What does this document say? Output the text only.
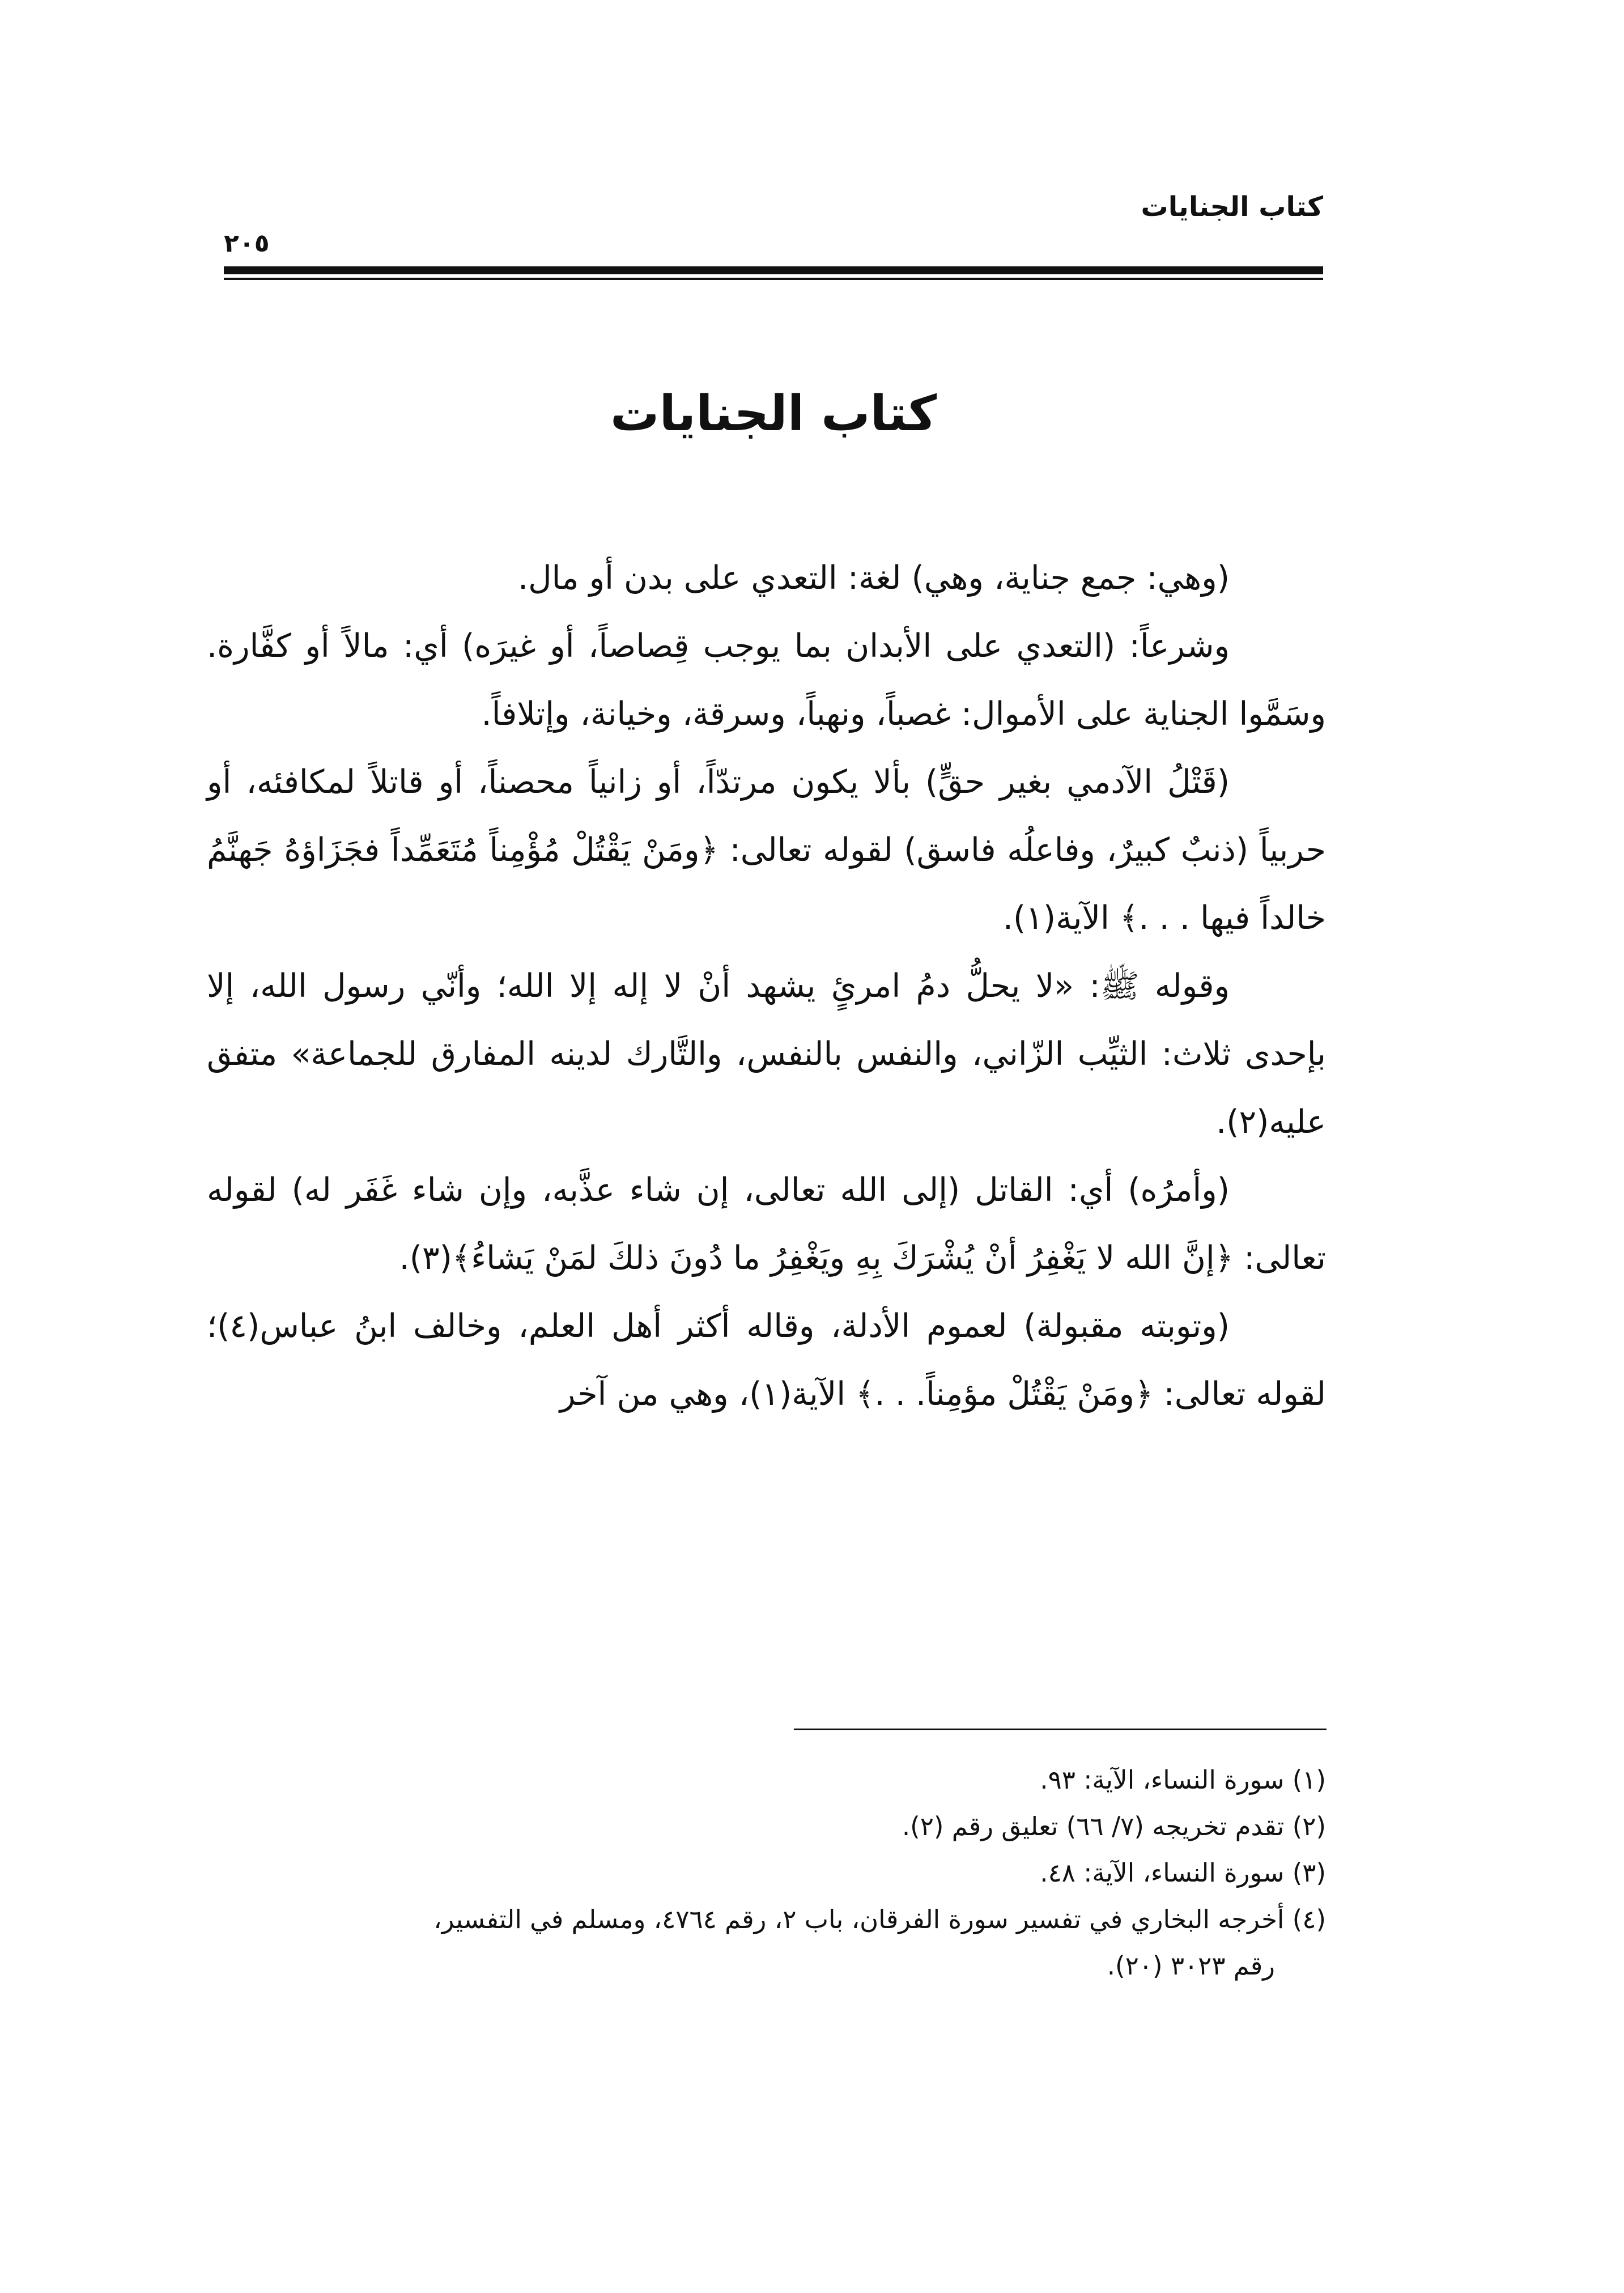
كتاب الجنايات
٢٠٥
كتاب الجنايات

(وهي: جمع جناية، وهي) لغة: التعدي على بدن أو مال.

وشرعاً: (التعدي على الأبدان بما يوجب قِصاصاً، أو غيرَه) أي: مالاً أو كفَّارة. وسَمَّوا الجناية على الأموال: غصباً، ونهباً، وسرقة، وخيانة، وإتلافاً.

(قَتْلُ الآدمي بغير حقٍّ) بألا يكون مرتدّاً، أو زانياً محصناً، أو قاتلاً لمكافئه، أو حربياً (ذنبٌ كبيرٌ، وفاعلُه فاسق) لقوله تعالى: ﴿ومَنْ يَقْتُلْ مُؤْمِناً مُتَعَمِّداً فجَزَاؤهُ جَهنَّمُ خالداً فيها . . .﴾ الآية(١).

وقوله ﷺ: «لا يحلُّ دمُ امرئٍ يشهد أنْ لا إله إلا الله؛ وأنّي رسول الله، إلا بإحدى ثلاث: الثيِّب الزّاني، والنفس بالنفس، والتَّارك لدينه المفارق للجماعة» متفق عليه(٢).

(وأمرُه) أي: القاتل (إلى الله تعالى، إن شاء عذَّبه، وإن شاء غَفَر له) لقوله تعالى: ﴿إنَّ الله لا يَغْفِرُ أنْ يُشْرَكَ بِهِ ويَغْفِرُ ما دُونَ ذلكَ لمَنْ يَشاءُ﴾(٣).

(وتوبته مقبولة) لعموم الأدلة، وقاله أكثر أهل العلم، وخالف ابنُ عباس(٤)؛ لقوله تعالى: ﴿ومَنْ يَقْتُلْ مؤمِناً. . .﴾ الآية(١)، وهي من آخر

(١) سورة النساء، الآية: ٩٣.
(٢) تقدم تخريجه (٧/ ٦٦) تعليق رقم (٢).
(٣) سورة النساء، الآية: ٤٨.
(٤) أخرجه البخاري في تفسير سورة الفرقان، باب ٢، رقم ٤٧٦٤، ومسلم في التفسير،
رقم ٣٠٢٣ (٢٠).
